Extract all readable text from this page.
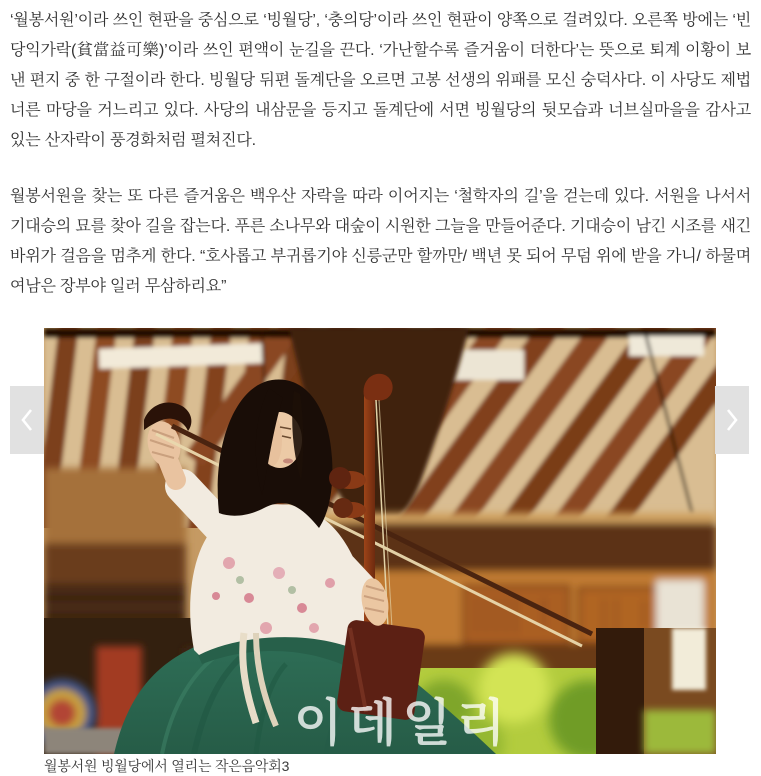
‘월봉서원’이라 쓰인 현판을 중심으로 ‘빙월당’, ‘충의당’이라 쓰인 현판이 양쪽으로 걸려있다. 오른쪽 방에는 ‘빈당익가락(貧當益可樂)’이라 쓰인 편액이 눈길을 끈다. ‘가난할수록 즐거움이 더한다’는 뜻으로 퇴계 이황이 보낸 편지 중 한 구절이라 한다. 빙월당 뒤편 돌계단을 오르면 고봉 선생의 위패를 모신 숭덕사다. 이 사당도 제법 너른 마당을 거느리고 있다. 사당의 내삼문을 등지고 돌계단에 서면 빙월당의 뒷모습과 너브실마을을 감사고 있는 산자락이 풍경화처럼 펼쳐진다.

월봉서원을 찾는 또 다른 즐거움은 백우산 자락을 따라 이어지는 ‘철학자의 길’을 걷는데 있다. 서원을 나서서 기대승의 묘를 찾아 길을 잡는다. 푸른 소나무와 대숲이 시원한 그늘을 만들어준다. 기대승이 남긴 시조를 새긴 바위가 걸음을 멈추게 한다. “호사롭고 부귀롭기야 신릉군만 할까만/ 백년 못 되어 무덤 위에 받을 가니/ 하물며 여남은 장부야 일러 무삼하리요”

이데일리
월봉서원 빙월당에서 열리는 작은음악회3
